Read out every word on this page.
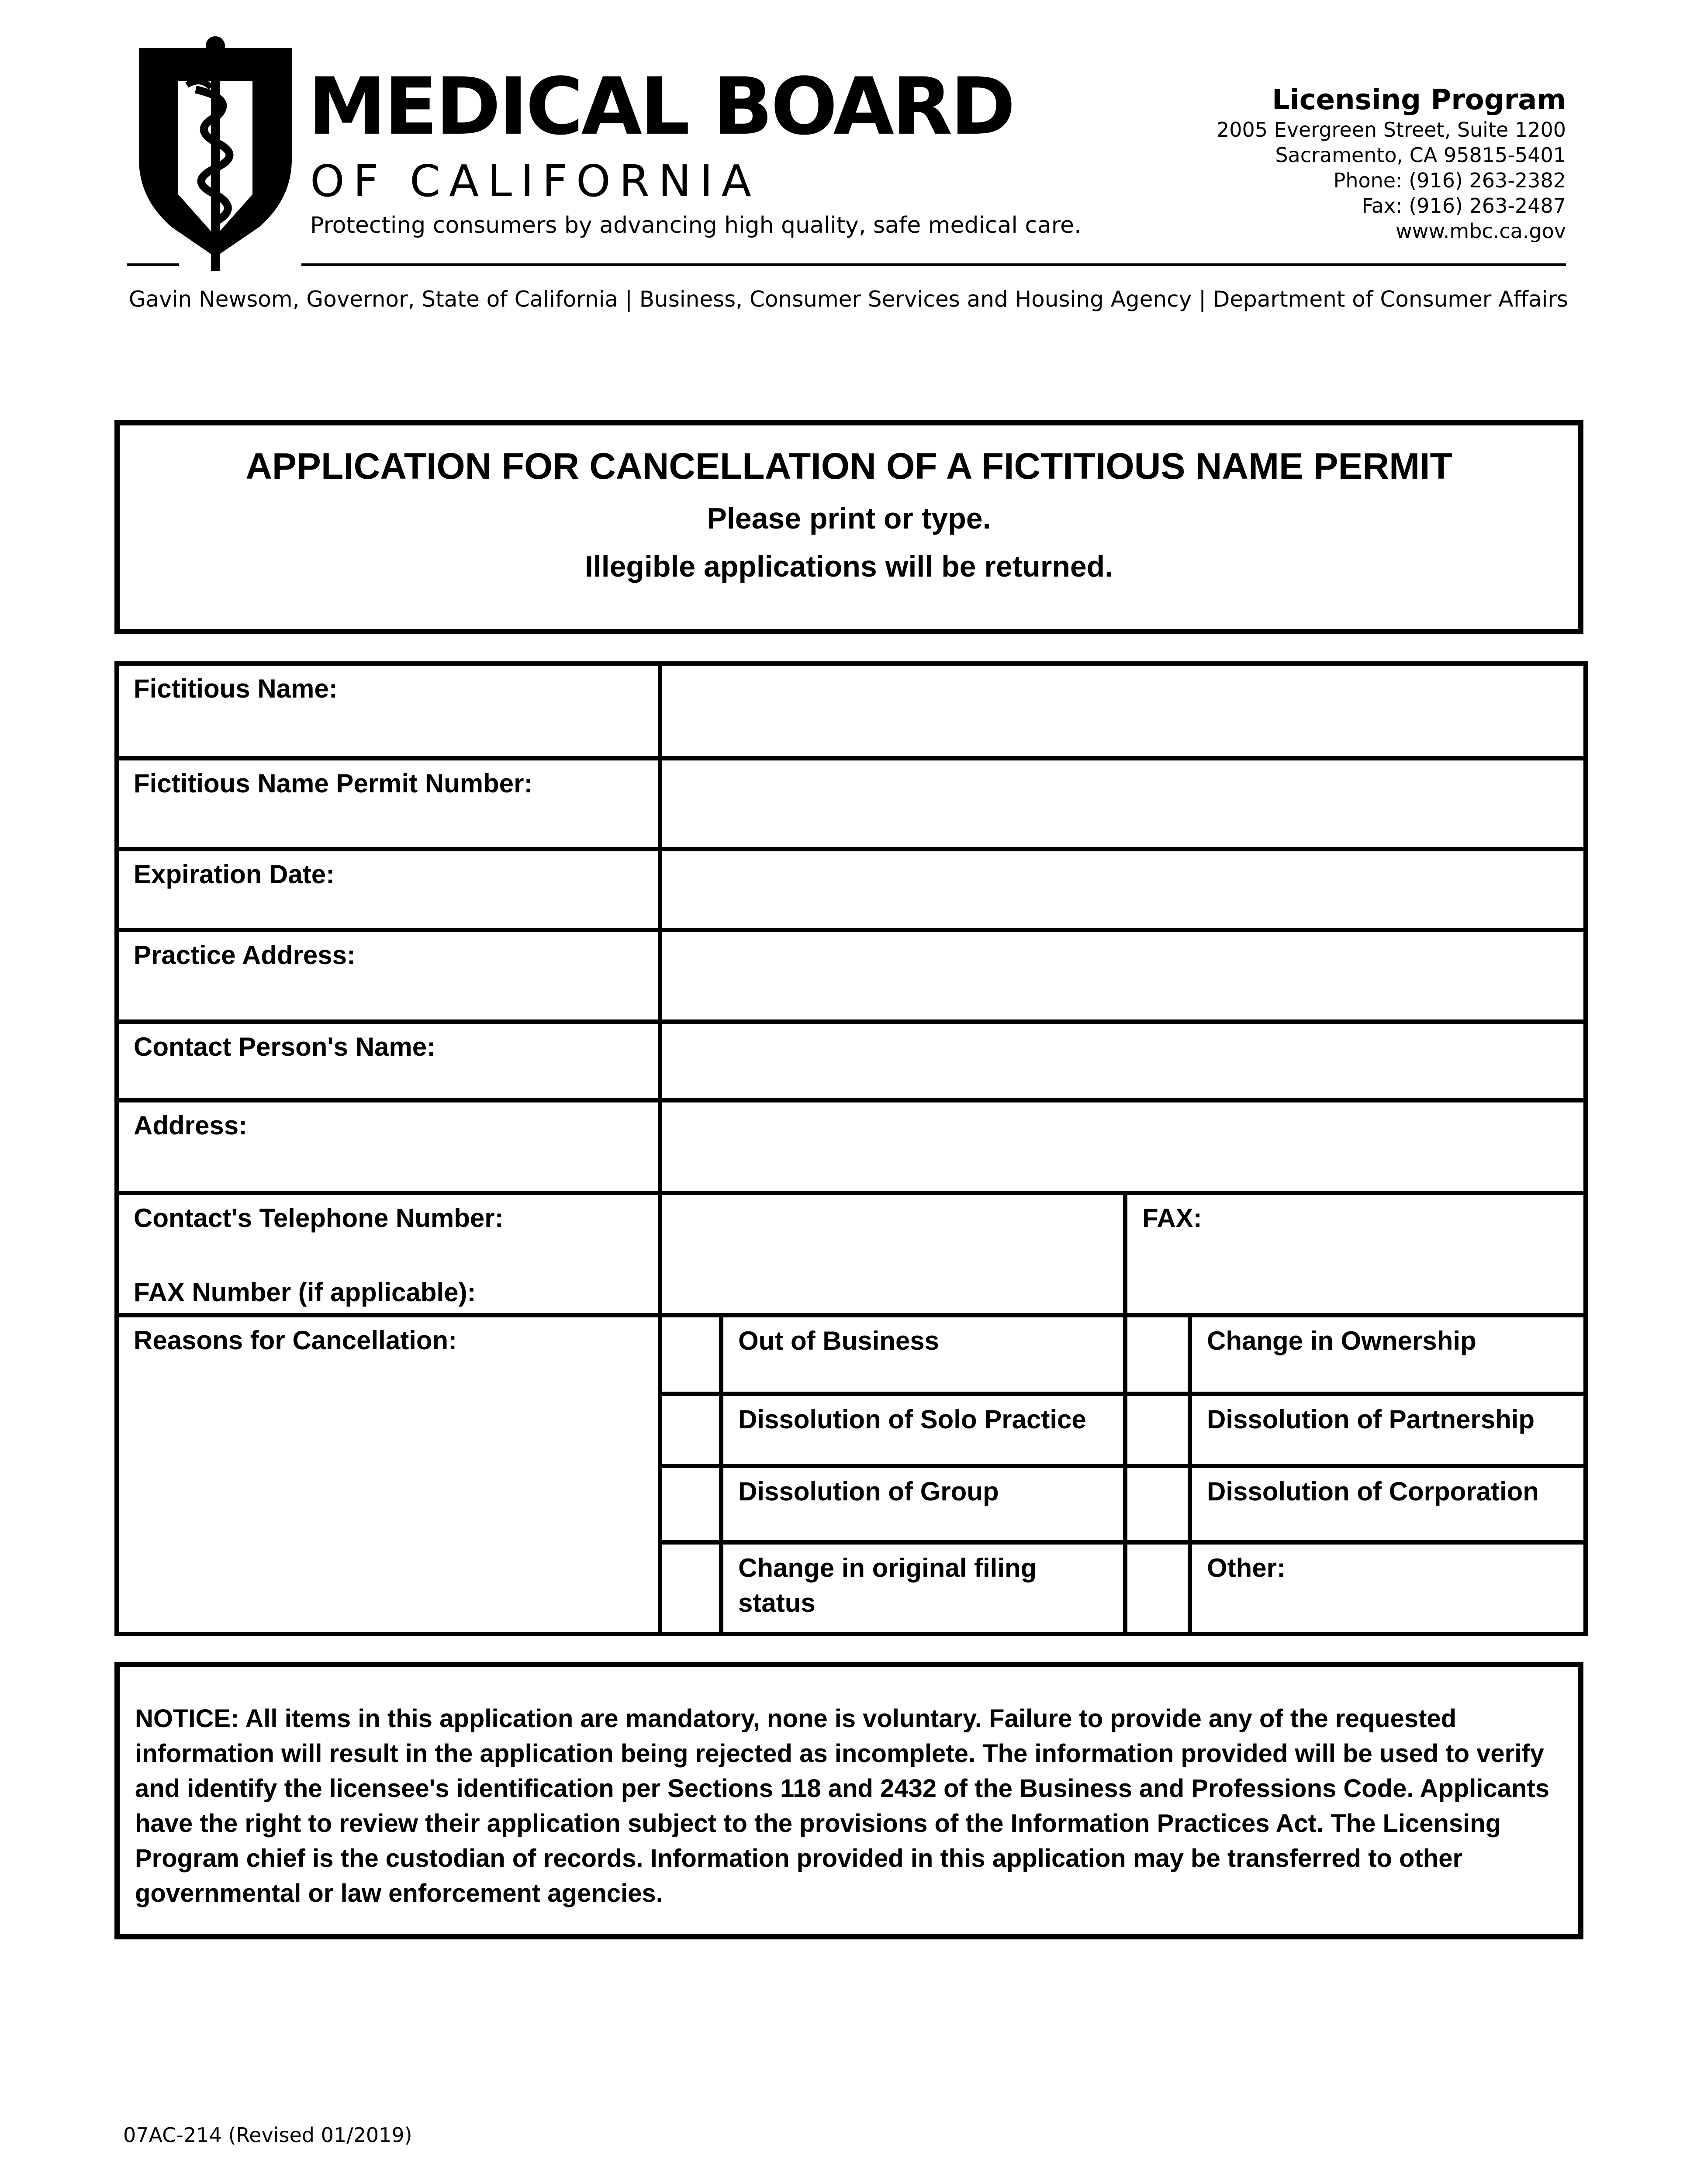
MEDICAL BOARD
OF CALIFORNIA
Protecting consumers by advancing high quality, safe medical care.
Licensing Program
2005 Evergreen Street, Suite 1200
Sacramento, CA 95815-5401
Phone: (916) 263-2382
Fax: (916) 263-2487
www.mbc.ca.gov
Gavin Newsom, Governor, State of California | Business, Consumer Services and Housing Agency | Department of Consumer Affairs
APPLICATION FOR CANCELLATION OF A FICTITIOUS NAME PERMIT
Please print or type.
Illegible applications will be returned.
Fictitious Name:				
Fictitious Name Permit Number:				
Expiration Date:				
Practice Address:				
Contact Person's Name:				
Address:				
Contact's Telephone Number:
FAX Number (if applicable):			FAX:	
Reasons for Cancellation:		Out of Business		Change in Ownership
		Dissolution of Solo Practice		Dissolution of Partnership
		Dissolution of Group		Dissolution of Corporation
		Change in original filing status		Other:
NOTICE: All items in this application are mandatory, none is voluntary. Failure to provide any of the requested information will result in the application being rejected as incomplete. The information provided will be used to verify and identify the licensee's identification per Sections 118 and 2432 of the Business and Professions Code. Applicants have the right to review their application subject to the provisions of the Information Practices Act. The Licensing Program chief is the custodian of records. Information provided in this application may be transferred to other governmental or law enforcement agencies.
07AC-214 (Revised 01/2019)
